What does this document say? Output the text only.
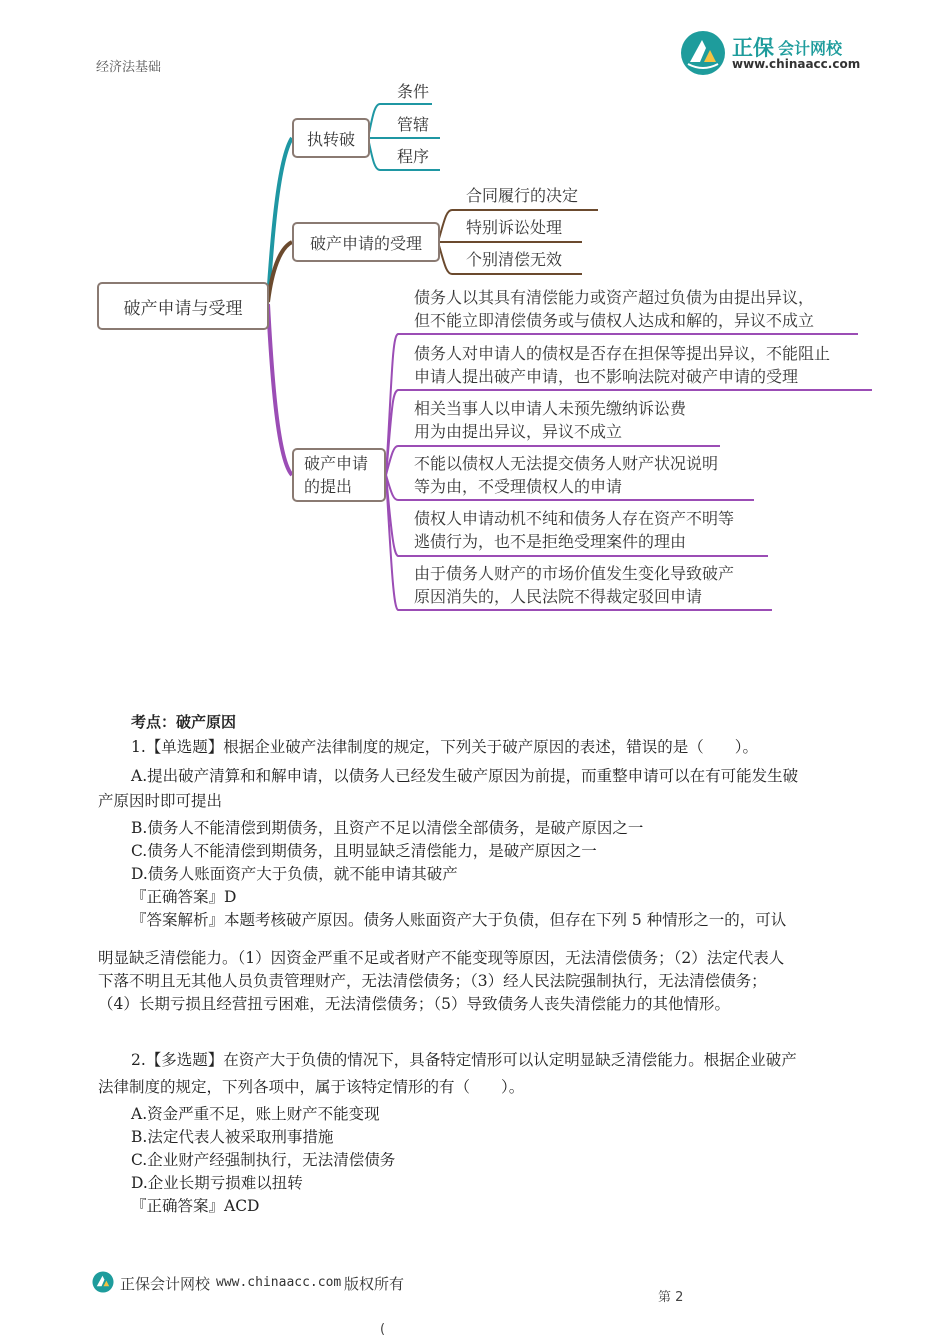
经济法基础
正保 会计网校
www.chinaacc.com
破产申请与受理
执转破
条件
管辖
程序
破产申请的受理
合同履行的决定
特别诉讼处理
个别清偿无效
破产申请
的提出
债务人以其具有清偿能力或资产超过负债为由提出异议，
但不能立即清偿债务或与债权人达成和解的，异议不成立
债务人对申请人的债权是否存在担保等提出异议，不能阻止
申请人提出破产申请，也不影响法院对破产申请的受理
相关当事人以申请人未预先缴纳诉讼费
用为由提出异议，异议不成立
不能以债权人无法提交债务人财产状况说明
等为由，不受理债权人的申请
债权人申请动机不纯和债务人存在资产不明等
逃债行为，也不是拒绝受理案件的理由
由于债务人财产的市场价值发生变化导致破产
原因消失的，人民法院不得裁定驳回申请
考点：破产原因
1.【单选题】根据企业破产法律制度的规定，下列关于破产原因的表述，错误的是（　　）。
A.提出破产清算和和解申请，以债务人已经发生破产原因为前提，而重整申请可以在有可能发生破
产原因时即可提出
B.债务人不能清偿到期债务，且资产不足以清偿全部债务，是破产原因之一
C.债务人不能清偿到期债务，且明显缺乏清偿能力，是破产原因之一
D.债务人账面资产大于负债，就不能申请其破产
『正确答案』D
『答案解析』本题考核破产原因。债务人账面资产大于负债，但存在下列 5 种情形之一的，可认
明显缺乏清偿能力。（1）因资金严重不足或者财产不能变现等原因，无法清偿债务；（2）法定代表人
下落不明且无其他人员负责管理财产，无法清偿债务；（3）经人民法院强制执行，无法清偿债务；
（4）长期亏损且经营扭亏困难，无法清偿债务；（5）导致债务人丧失清偿能力的其他情形。
2.【多选题】在资产大于负债的情况下，具备特定情形可以认定明显缺乏清偿能力。根据企业破产
法律制度的规定，下列各项中，属于该特定情形的有（　　）。
A.资金严重不足，账上财产不能变现
B.法定代表人被采取刑事措施
C.企业财产经强制执行，无法清偿债务
D.企业长期亏损难以扭转
『正确答案』ACD
正保会计网校 www.chinaacc.com 版权所有
第 2
(
